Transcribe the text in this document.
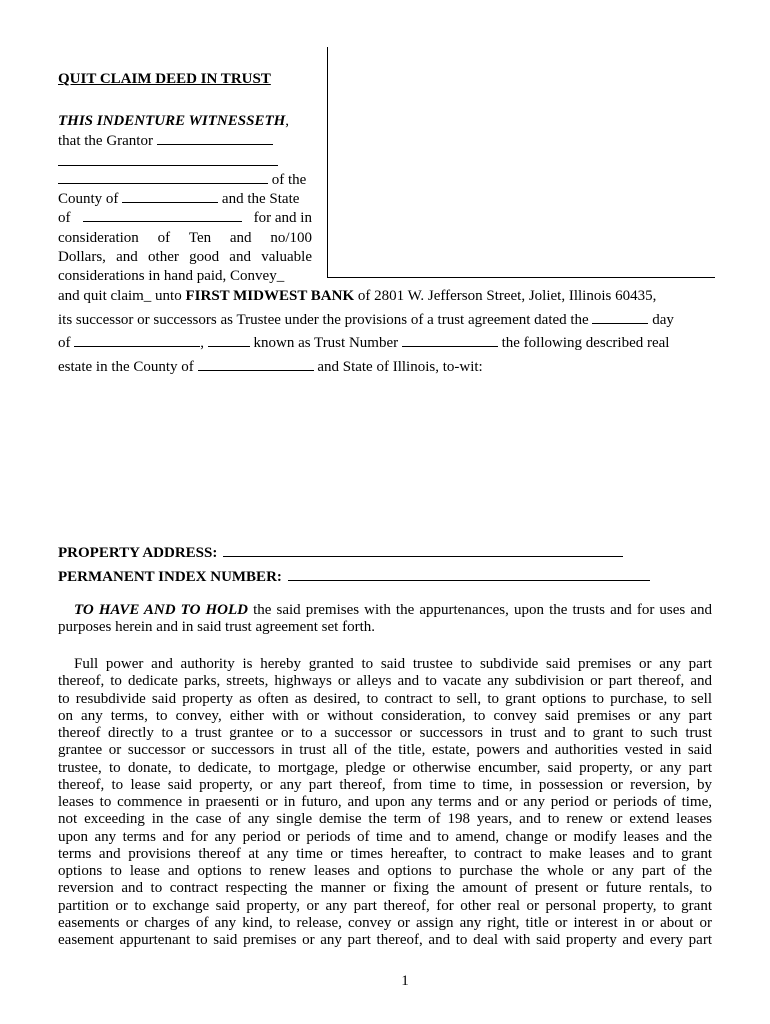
QUIT CLAIM DEED IN TRUST
THIS INDENTURE WITNESSETH,
that the Grantor
of the
County of	and the State
of	for and in
consideration of Ten and no/100
Dollars, and other good and valuable
considerations in hand paid, Convey_
and quit claim_ unto FIRST MIDWEST BANK of 2801 W. Jefferson Street, Joliet, Illinois 60435,
its successor or successors as Trustee under the provisions of a trust agreement dated the	day
of	,	known as Trust Number	the following described real
estate in the County of	and State of Illinois, to-wit:
PROPERTY ADDRESS:
PERMANENT INDEX NUMBER:
TO HAVE AND TO HOLD the said premises with the appurtenances, upon the trusts and for uses and
purposes herein and in said trust agreement set forth.
Full power and authority is hereby granted to said trustee to subdivide said premises or any part
thereof, to dedicate parks, streets, highways or alleys and to vacate any subdivision or part thereof, and
to resubdivide said property as often as desired, to contract to sell, to grant options to purchase, to sell
on any terms, to convey, either with or without consideration, to convey said premises or any part
thereof directly to a trust grantee or to a successor or successors in trust and to grant to such trust
grantee or successor or successors in trust all of the title, estate, powers and authorities vested in said
trustee, to donate, to dedicate, to mortgage, pledge or otherwise encumber, said property, or any part
thereof, to lease said property, or any part thereof, from time to time, in possession or reversion, by
leases to commence in praesenti or in futuro, and upon any terms and or any period or periods of time,
not exceeding in the case of any single demise the term of 198 years, and to renew or extend leases
upon any terms and for any period or periods of time and to amend, change or modify leases and the
terms and provisions thereof at any time or times hereafter, to contract to make leases and to grant
options to lease and options to renew leases and options to purchase the whole or any part of the
reversion and to contract respecting the manner or fixing the amount of present or future rentals, to
partition or to exchange said property, or any part thereof, for other real or personal property, to grant
easements or charges of any kind, to release, convey or assign any right, title or interest in or about or
easement appurtenant to said premises or any part thereof, and to deal with said property and every part
1
